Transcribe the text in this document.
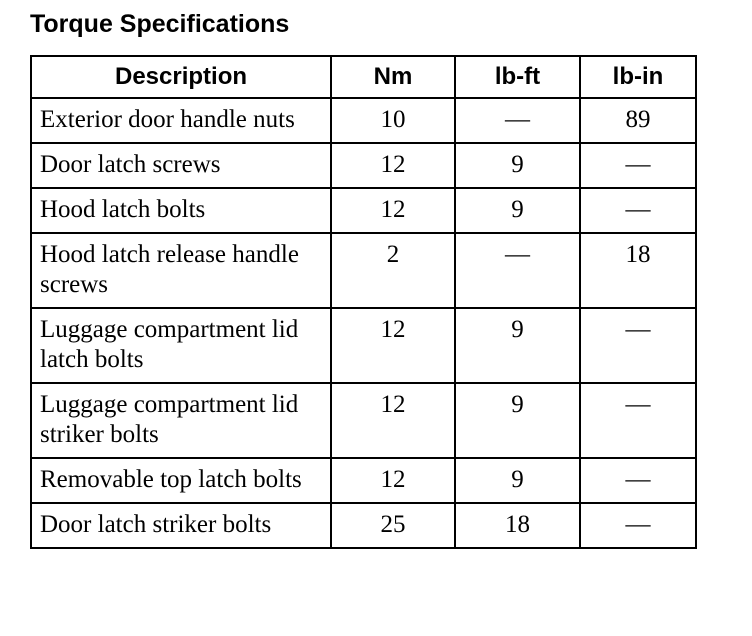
Torque Specifications
Description	Nm	lb-ft	lb-in
Exterior door handle nuts	10	—	89
Door latch screws	12	9	—
Hood latch bolts	12	9	—
Hood latch release handle screws	2	—	18
Luggage compartment lid latch bolts	12	9	—
Luggage compartment lid striker bolts	12	9	—
Removable top latch bolts	12	9	—
Door latch striker bolts	25	18	—
